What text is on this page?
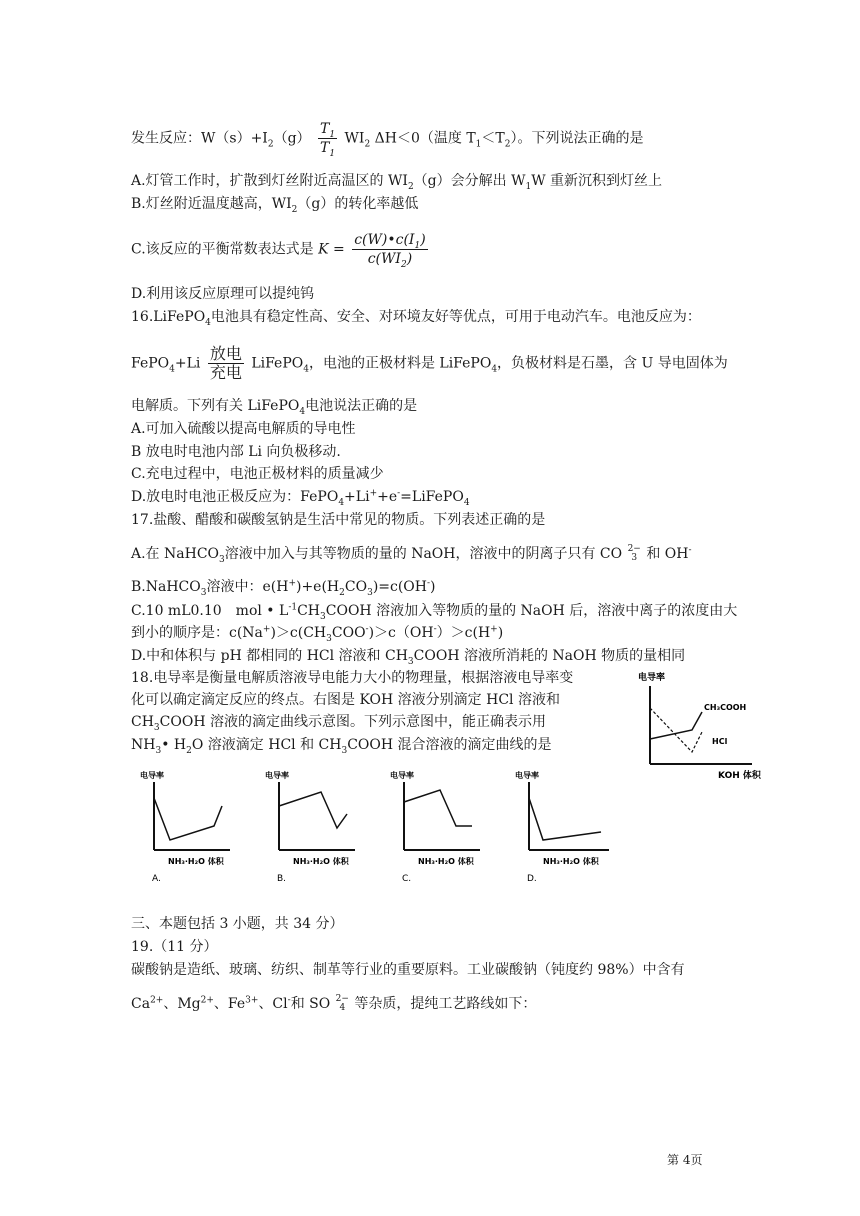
发生反应：$W(s)+I_2(g) \frac{T_1}{T_1} WI_2$ ΔH＜0（温度 $T_1<T_2$）。下列说法正确的是
A.灯管工作时，扩散到灯丝附近高温区的 $WI_2(g)$会分解出 $W_1W$ 重新沉积到灯丝上
B.灯丝附近温度越高，$WI_2(g)$的转化率越低
C.该反应的平衡常数表达式是 $K = \frac{c(W)•c(I_1)}{c(WI_2)}$
D.利用该反应原理可以提纯钨
16.LiFePO$_4$电池具有稳定性高、安全、对环境友好等优点，可用于电动汽车。电池反应为：
FePO$_4$+Li $\frac{\text{放电}}{\text{充电}}$ LiFePO$_4$，电池的正极材料是 LiFePO$_4$，负极材料是石墨，含 U 导电固体为
电解质。下列有关 LiFePO$_4$电池说法正确的是
A.可加入硫酸以提高电解质的导电性
B 放电时电池内部 Li 向负极移动.
C.充电过程中，电池正极材料的质量减少
D.放电时电池正极反应为：FePO$_4$+Li++e-=LiFePO$_4$
17.盐酸、醋酸和碳酸氢钠是生活中常见的物质。下列表述正确的是
A.在 NaHCO$_3$溶液中加入与其等物质的量的 NaOH，溶液中的阴离子只有 CO 2−
3 和 OH-
B.NaHCO$_3$溶液中：$e(H^+)+e(H_2CO_3)=c(OH^-)$
C.10 mL0.10　mol • $L^{-1}CH_3COOH$ 溶液加入等物质的量的 NaOH 后，溶液中离子的浓度由大
到小的顺序是：$c(Na^+)>c(CH_3COO^-)>c(OH^-)>c(H^+)$
D.中和体积与 pH 都相同的 HCl 溶液和 $CH_3COOH$ 溶液所消耗的 NaOH 物质的量相同
18.电导率是衡量电解质溶液导电能力大小的物理量，根据溶液电导率变
化可以确定滴定反应的终点。右图是 KOH 溶液分别滴定 HCl 溶液和
$CH_3COOH$ 溶液的滴定曲线示意图。下列示意图中，能正确表示用
$NH_3•$ $H_2O$ 溶液滴定 HCl 和 $CH_3COOH$ 混合溶液的滴定曲线的是
电导率
CH₃COOH
HCl
KOH 体积
电导率
NH₃·H₂O 体积
A.
电导率
NH₃·H₂O 体积
B.
电导率
NH₃·H₂O 体积
C.
电导率
NH₃·H₂O 体积
D.
三、本题包括 3 小题，共 34 分）
19.（11 分）
碳酸钠是造纸、玻璃、纺织、制革等行业的重要原料。工业碳酸钠（钝度约 98%）中含有
$Ca^{2+}$、$Mg^{2+}$、$Fe^{3+}$、Cl-和 SO 2−
4 等杂质，提纯工艺路线如下：
第 4页
